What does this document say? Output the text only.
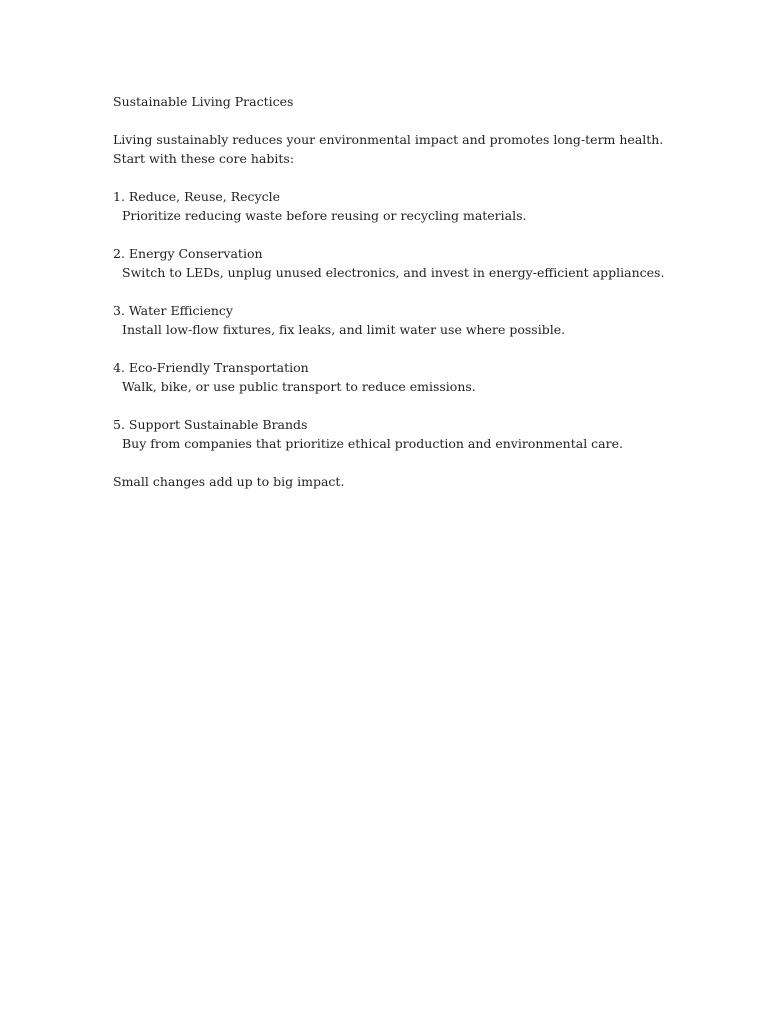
Sustainable Living Practices
Living sustainably reduces your environmental impact and promotes long-term health.
Start with these core habits:
1. Reduce, Reuse, Recycle
Prioritize reducing waste before reusing or recycling materials.
2. Energy Conservation
Switch to LEDs, unplug unused electronics, and invest in energy-efficient appliances.
3. Water Efficiency
Install low-flow fixtures, fix leaks, and limit water use where possible.
4. Eco-Friendly Transportation
Walk, bike, or use public transport to reduce emissions.
5. Support Sustainable Brands
Buy from companies that prioritize ethical production and environmental care.
Small changes add up to big impact.
